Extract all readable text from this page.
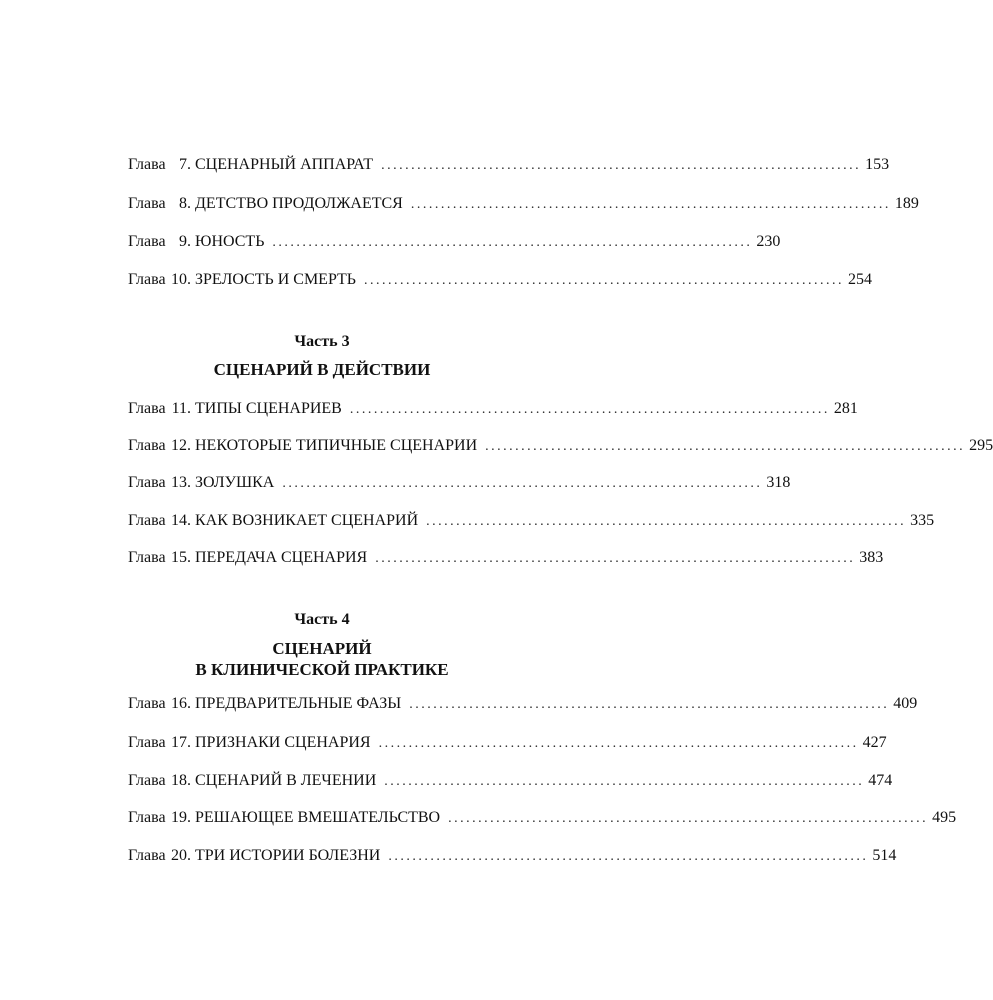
Глава 7. СЦЕНАРНЫЙ АППАРАТ ................................................................................ 153
Глава 8. ДЕТСТВО ПРОДОЛЖАЕТСЯ ................................................................................ 189
Глава 9. ЮНОСТЬ ................................................................................ 230
Глава 10. ЗРЕЛОСТЬ И СМЕРТЬ ................................................................................ 254
Часть 3
СЦЕНАРИЙ В ДЕЙСТВИИ
Глава 11. ТИПЫ СЦЕНАРИЕВ ................................................................................ 281
Глава 12. НЕКОТОРЫЕ ТИПИЧНЫЕ СЦЕНАРИИ ................................................................................ 295
Глава 13. ЗОЛУШКА ................................................................................ 318
Глава 14. КАК ВОЗНИКАЕТ СЦЕНАРИЙ ................................................................................ 335
Глава 15. ПЕРЕДАЧА СЦЕНАРИЯ ................................................................................ 383
Часть 4
СЦЕНАРИЙ
В КЛИНИЧЕСКОЙ ПРАКТИКЕ
Глава 16. ПРЕДВАРИТЕЛЬНЫЕ ФАЗЫ ................................................................................ 409
Глава 17. ПРИЗНАКИ СЦЕНАРИЯ ................................................................................ 427
Глава 18. СЦЕНАРИЙ В ЛЕЧЕНИИ ................................................................................ 474
Глава 19. РЕШАЮЩЕЕ ВМЕШАТЕЛЬСТВО ................................................................................ 495
Глава 20. ТРИ ИСТОРИИ БОЛЕЗНИ ................................................................................ 514
